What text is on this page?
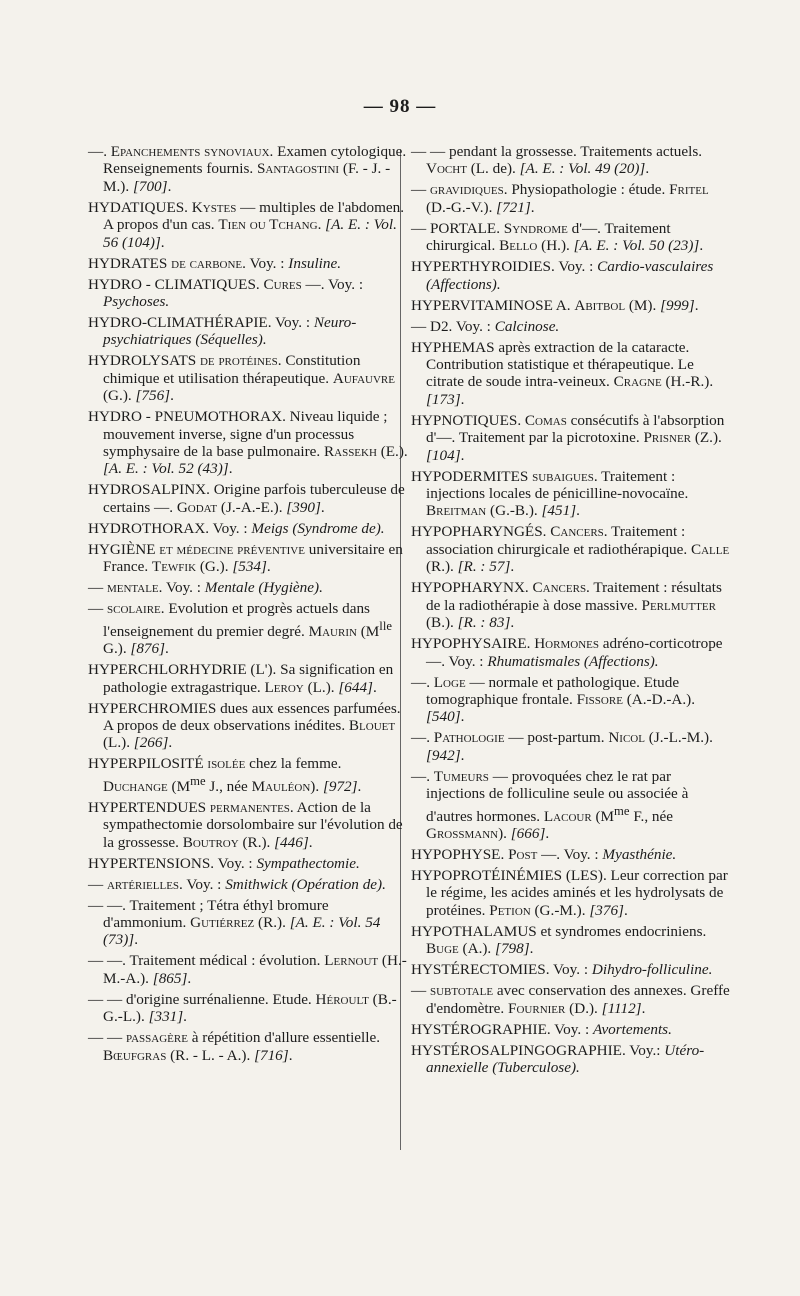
— 98 —

—. Epanchements synoviaux. Examen cytologique. Renseignements fournis. Santagostini (F. - J. - M.). [700].

HYDATIQUES. Kystes — multiples de l'abdomen. A propos d'un cas. Tien ou Tchang. [A. E. : Vol. 56 (104)].

HYDRATES de carbone. Voy. : Insuline.

HYDRO - CLIMATIQUES. Cures —. Voy. : Psychoses.

HYDRO-CLIMATHÉRAPIE. Voy. : Neuro-psychiatriques (Séquelles).

HYDROLYSATS de protéines. Constitution chimique et utilisation thérapeutique. Aufauvre (G.). [756].

HYDRO - PNEUMOTHORAX. Niveau liquide ; mouvement inverse, signe d'un processus symphysaire de la base pulmonaire. Rassekh (E.). [A. E. : Vol. 52 (43)].

HYDROSALPINX. Origine parfois tuberculeuse de certains —. Godat (J.-A.-E.). [390].

HYDROTHORAX. Voy. : Meigs (Syndrome de).

HYGIÈNE et médecine préventive universitaire en France. Tewfik (G.). [534].

— mentale. Voy. : Mentale (Hygiène).

— scolaire. Evolution et progrès actuels dans l'enseignement du premier degré. Maurin ($M^{lle}$ G.). [876].

HYPERCHLORHYDRIE (L'). Sa signification en pathologie extragastrique. Leroy (L.). [644].

HYPERCHROMIES dues aux essences parfumées. A propos de deux observations inédites. Blouet (L.). [266].

HYPERPILOSITÉ isolée chez la femme. Duchange ($M^{me}$ J., née Mauléon). [972].

HYPERTENDUES permanentes. Action de la sympathectomie dorsolombaire sur l'évolution de la grossesse. Boutroy (R.). [446].

HYPERTENSIONS. Voy. : Sympathectomie.

— artérielles. Voy. : Smithwick (Opération de).

— —. Traitement ; Tétra éthyl bromure d'ammonium. Gutiérrez (R.). [A. E. : Vol. 54 (73)].

— —. Traitement médical : évolution. Lernout (H.-M.-A.). [865].

— — d'origine surrénalienne. Etude. Héroult (B.-G.-L.). [331].

— — passagère à répétition d'allure essentielle. Bœufgras (R. - L. - A.). [716].

— — pendant la grossesse. Traitements actuels. Vocht (L. de). [A. E. : Vol. 49 (20)].

— gravidiques. Physiopathologie : étude. Fritel (D.-G.-V.). [721].

— PORTALE. Syndrome d'—. Traitement chirurgical. Bello (H.). [A. E. : Vol. 50 (23)].

HYPERTHYROIDIES. Voy. : Cardio-vasculaires (Affections).

HYPERVITAMINOSE A. Abitbol (M). [999].

— D2. Voy. : Calcinose.

HYPHEMAS après extraction de la cataracte. Contribution statistique et thérapeutique. Le citrate de soude intra-veineux. Cragne (H.-R.). [173].

HYPNOTIQUES. Comas consécutifs à l'absorption d'—. Traitement par la picrotoxine. Prisner (Z.). [104].

HYPODERMITES subaigues. Traitement : injections locales de pénicilline-novocaïne. Breitman (G.-B.). [451].

HYPOPHARYNGÉS. Cancers. Traitement : association chirurgicale et radiothérapique. Calle (R.). [R. : 57].

HYPOPHARYNX. Cancers. Traitement : résultats de la radiothérapie à dose massive. Perlmutter (B.). [R. : 83].

HYPOPHYSAIRE. Hormones adréno-corticotrope —. Voy. : Rhumatismales (Affections).

—. Loge — normale et pathologique. Etude tomographique frontale. Fissore (A.-D.-A.). [540].

—. Pathologie — post-partum. Nicol (J.-L.-M.). [942].

—. Tumeurs — provoquées chez le rat par injections de folliculine seule ou associée à d'autres hormones. Lacour ($M^{me}$ F., née Grossmann). [666].

HYPOPHYSE. Post —. Voy. : Myasthénie.

HYPOPROTÉINÉMIES (LES). Leur correction par le régime, les acides aminés et les hydrolysats de protéines. Petion (G.-M.). [376].

HYPOTHALAMUS et syndromes endocriniens. Buge (A.). [798].

HYSTÉRECTOMIES. Voy. : Dihydro-folliculine.

— subtotale avec conservation des annexes. Greffe d'endomètre. Fournier (D.). [1112].

HYSTÉROGRAPHIE. Voy. : Avortements.

HYSTÉROSALPINGOGRAPHIE. Voy.: Utéro-annexielle (Tuberculose).
